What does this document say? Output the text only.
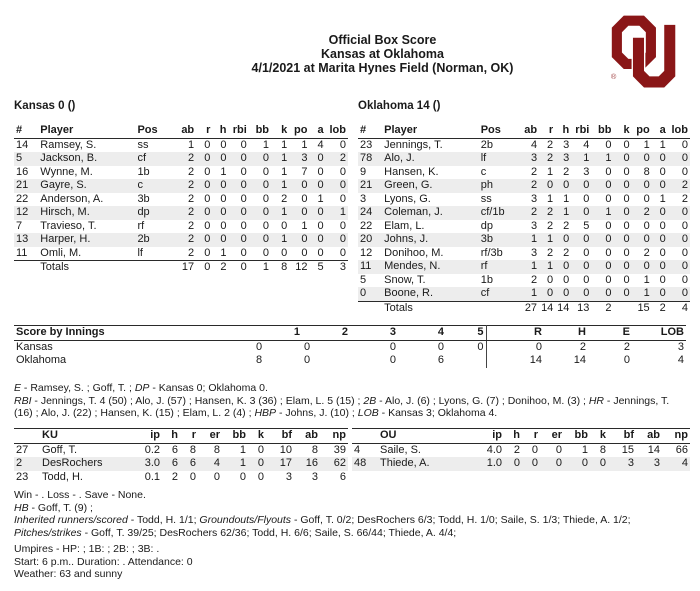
Official Box Score
Kansas at Oklahoma
4/1/2021 at Marita Hynes Field (Norman, OK)
®

Kansas 0 ()

#	Player	Pos	ab	r	h	rbi	bb	k	po	a	lob
14	Ramsey, S.	ss	1	0	0	0	1	1	1	4	0
5	Jackson, B.	cf	2	0	0	0	0	1	3	0	2
16	Wynne, M.	1b	2	0	1	0	0	1	7	0	0
21	Gayre, S.	c	2	0	0	0	0	1	0	0	0
22	Anderson, A.	3b	2	0	0	0	0	2	0	1	0
12	Hirsch, M.	dp	2	0	0	0	0	1	0	0	1
7	Travieso, T.	rf	2	0	0	0	0	0	1	0	0
13	Harper, H.	2b	2	0	0	0	0	1	0	0	0
11	Omli, M.	lf	2	0	1	0	0	0	0	0	0
	Totals		17	0	2	0	1	8	12	5	3

Oklahoma 14 ()

#	Player	Pos	ab	r	h	rbi	bb	k	po	a	lob
23	Jennings, T.	2b	4	2	3	4	0	0	1	1	0
78	Alo, J.	lf	3	2	3	1	1	0	0	0	0
9	Hansen, K.	c	2	1	2	3	0	0	8	0	0
21	Green, G.	ph	2	0	0	0	0	0	0	0	2
3	Lyons, G.	ss	3	1	1	0	0	0	0	1	2
24	Coleman, J.	cf/1b	2	2	1	0	1	0	2	0	0
22	Elam, L.	dp	3	2	2	5	0	0	0	0	0
20	Johns, J.	3b	1	1	0	0	0	0	0	0	0
12	Donihoo, M.	rf/3b	3	2	2	0	0	0	2	0	0
11	Mendes, N.	rf	1	1	0	0	0	0	0	0	0
5	Snow, T.	1b	2	0	0	0	0	0	1	0	0
0	Boone, R.	cf	1	0	0	0	0	0	1	0	0
	Totals		27	14	14	13	2		15	2	4
Score by Innings	1	2	3	4	5	R	H	E	LOB
Kansas	0	0	0	0	0	0	2	2	3
Oklahoma	8	0	0	6		14	14	0	4
E - Ramsey, S. ; Goff, T. ; DP - Kansas 0; Oklahoma 0.
RBI - Jennings, T. 4 (50) ; Alo, J. (57) ; Hansen, K. 3 (36) ; Elam, L. 5 (15) ; 2B - Alo, J. (6) ; Lyons, G. (7) ; Donihoo, M. (3) ; HR - Jennings, T. (16) ; Alo, J. (22) ; Hansen, K. (15) ; Elam, L. 2 (4) ; HBP - Johns, J. (10) ; LOB - Kansas 3; Oklahoma 4.
	KU	ip	h	r	er	bb	k	bf	ab	np
27	Goff, T.	0.2	6	8	8	1	0	10	8	39
2	DesRochers	3.0	6	6	4	1	0	17	16	62
23	Todd, H.	0.1	2	0	0	0	0	3	3	6
	OU	ip	h	r	er	bb	k	bf	ab	np
4	Saile, S.	4.0	2	0	0	1	8	15	14	66
48	Thiede, A.	1.0	0	0	0	0	0	3	3	4
Win - . Loss - . Save - None.
HB - Goff, T. (9) ;
Inherited runners/scored - Todd, H. 1/1; Groundouts/Flyouts - Goff, T. 0/2; DesRochers 6/3; Todd, H. 1/0; Saile, S. 1/3; Thiede, A. 1/2;
Pitches/strikes - Goff, T. 39/25; DesRochers 62/36; Todd, H. 6/6; Saile, S. 66/44; Thiede, A. 4/4;
Umpires - HP: ; 1B: ; 2B: ; 3B: .
Start: 6 p.m.. Duration: . Attendance: 0
Weather: 63 and sunny
